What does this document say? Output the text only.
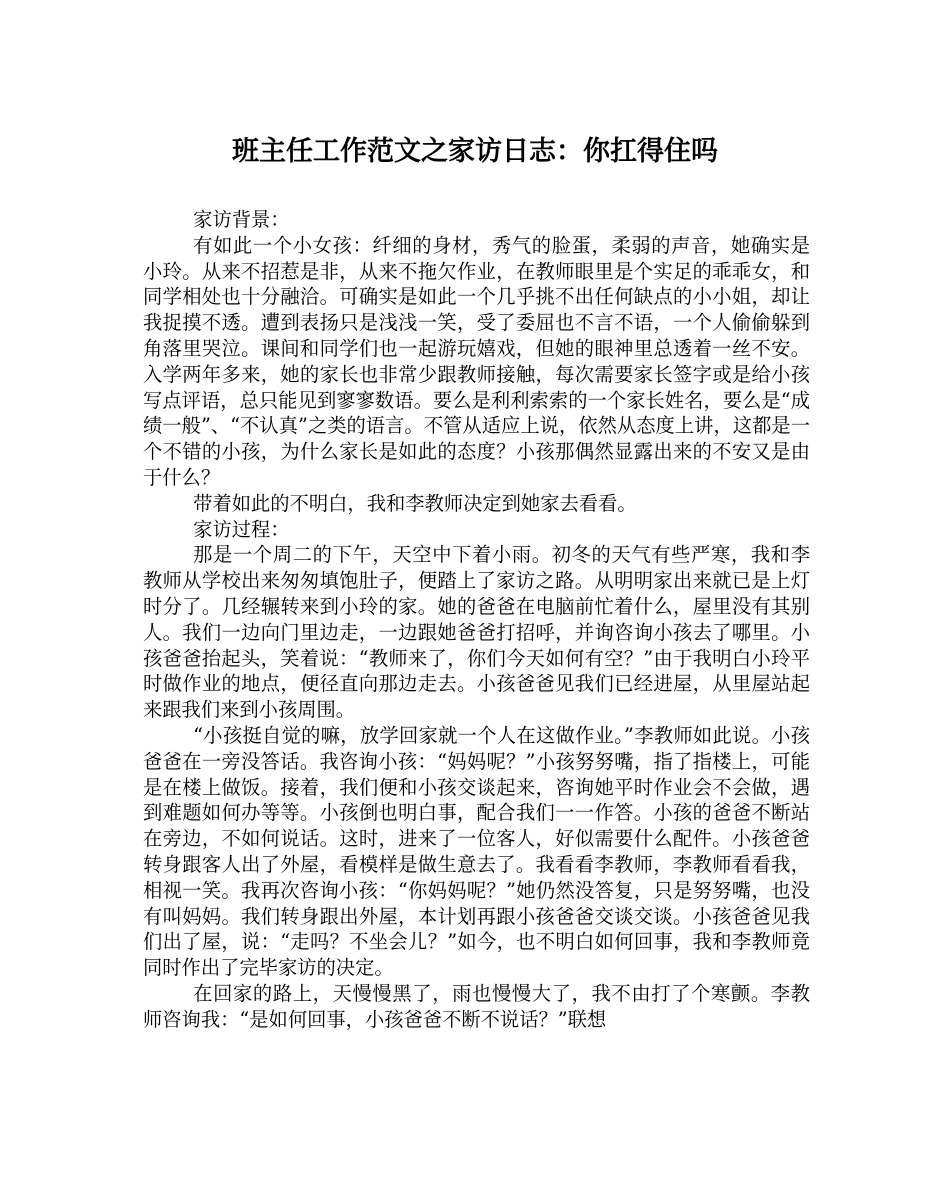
班主任工作范文之家访日志：你扛得住吗

家访背景：

有如此一个小女孩：纤细的身材，秀气的脸蛋，柔弱的声音，她确实是小玲。从来不招惹是非，从来不拖欠作业，在教师眼里是个实足的乖乖女，和同学相处也十分融洽。可确实是如此一个几乎挑不出任何缺点的小小姐，却让我捉摸不透。遭到表扬只是浅浅一笑，受了委屈也不言不语，一个人偷偷躲到角落里哭泣。课间和同学们也一起游玩嬉戏，但她的眼神里总透着一丝不安。入学两年多来，她的家长也非常少跟教师接触，每次需要家长签字或是给小孩写点评语，总只能见到寥寥数语。要么是利利索索的一个家长姓名，要么是“成绩一般”、“不认真”之类的语言。不管从适应上说，依然从态度上讲，这都是一个不错的小孩，为什么家长是如此的态度？小孩那偶然显露出来的不安又是由于什么？

带着如此的不明白，我和李教师决定到她家去看看。

家访过程：

那是一个周二的下午，天空中下着小雨。初冬的天气有些严寒，我和李教师从学校出来匆匆填饱肚子，便踏上了家访之路。从明明家出来就已是上灯时分了。几经辗转来到小玲的家。她的爸爸在电脑前忙着什么，屋里没有其别人。我们一边向门里边走，一边跟她爸爸打招呼，并询咨询小孩去了哪里。小孩爸爸抬起头，笑着说：“教师来了，你们今天如何有空？”由于我明白小玲平时做作业的地点，便径直向那边走去。小孩爸爸见我们已经进屋，从里屋站起来跟我们来到小孩周围。

“小孩挺自觉的嘛，放学回家就一个人在这做作业。”李教师如此说。小孩爸爸在一旁没答话。我咨询小孩：“妈妈呢？”小孩努努嘴，指了指楼上，可能是在楼上做饭。接着，我们便和小孩交谈起来，咨询她平时作业会不会做，遇到难题如何办等等。小孩倒也明白事，配合我们一一作答。小孩的爸爸不断站在旁边，不如何说话。这时，进来了一位客人，好似需要什么配件。小孩爸爸转身跟客人出了外屋，看模样是做生意去了。我看看李教师，李教师看看我，相视一笑。我再次咨询小孩：“你妈妈呢？”她仍然没答复，只是努努嘴，也没有叫妈妈。我们转身跟出外屋，本计划再跟小孩爸爸交谈交谈。小孩爸爸见我们出了屋，说：“走吗？不坐会儿？”如今，也不明白如何回事，我和李教师竟同时作出了完毕家访的决定。

在回家的路上，天慢慢黑了，雨也慢慢大了，我不由打了个寒颤。李教师咨询我：“是如何回事，小孩爸爸不断不说话？”联想
